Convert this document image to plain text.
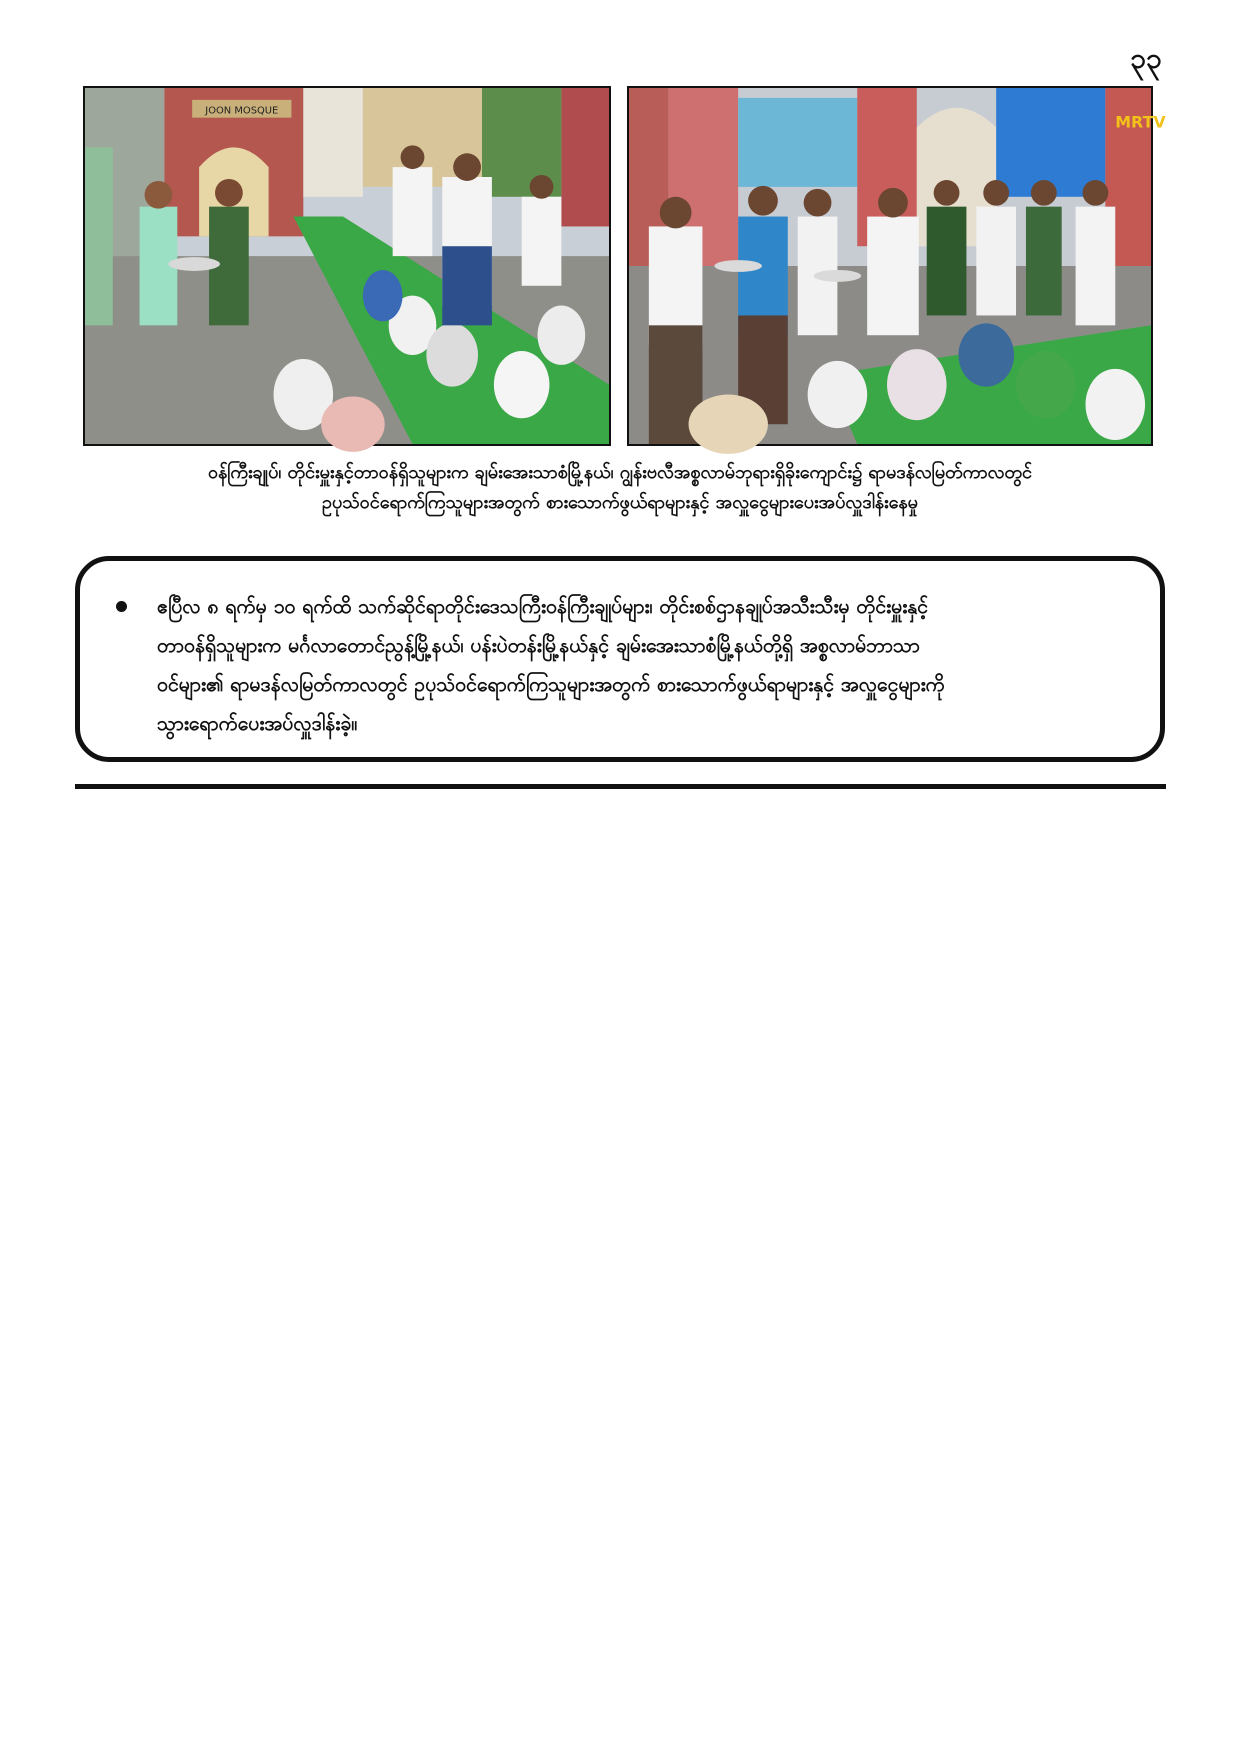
၃၃
JOON MOSQUE
MRTV
ဝန်ကြီးချုပ်၊ တိုင်းမှူးနှင့်တာဝန်ရှိသူများက ချမ်းအေးသာစံမြို့နယ်၊ ဂျွန်းဗလီအစ္စလာမ်ဘုရားရှိခိုးကျောင်း၌ ရာမဒန်လမြတ်ကာလတွင်
ဥပုသ်ဝင်ရောက်ကြသူများအတွက် စားသောက်ဖွယ်ရာများနှင့် အလှူငွေများပေးအပ်လှူဒါန်းနေမှု
ဧပြီလ ၈ ရက်မှ ၁၀ ရက်ထိ သက်ဆိုင်ရာတိုင်းဒေသကြီးဝန်ကြီးချုပ်များ၊ တိုင်းစစ်ဌာနချုပ်အသီးသီးမှ တိုင်းမှူးနှင့်
တာဝန်ရှိသူများက မင်္ဂလာတောင်ညွန့်မြို့နယ်၊ ပန်းပဲတန်းမြို့နယ်နှင့် ချမ်းအေးသာစံမြို့နယ်တို့ရှိ အစ္စလာမ်ဘာသာ
ဝင်များ၏ ရာမဒန်လမြတ်ကာလတွင် ဥပုသ်ဝင်ရောက်ကြသူများအတွက် စားသောက်ဖွယ်ရာများနှင့် အလှူငွေများကို
သွားရောက်ပေးအပ်လှူဒါန်းခဲ့။
